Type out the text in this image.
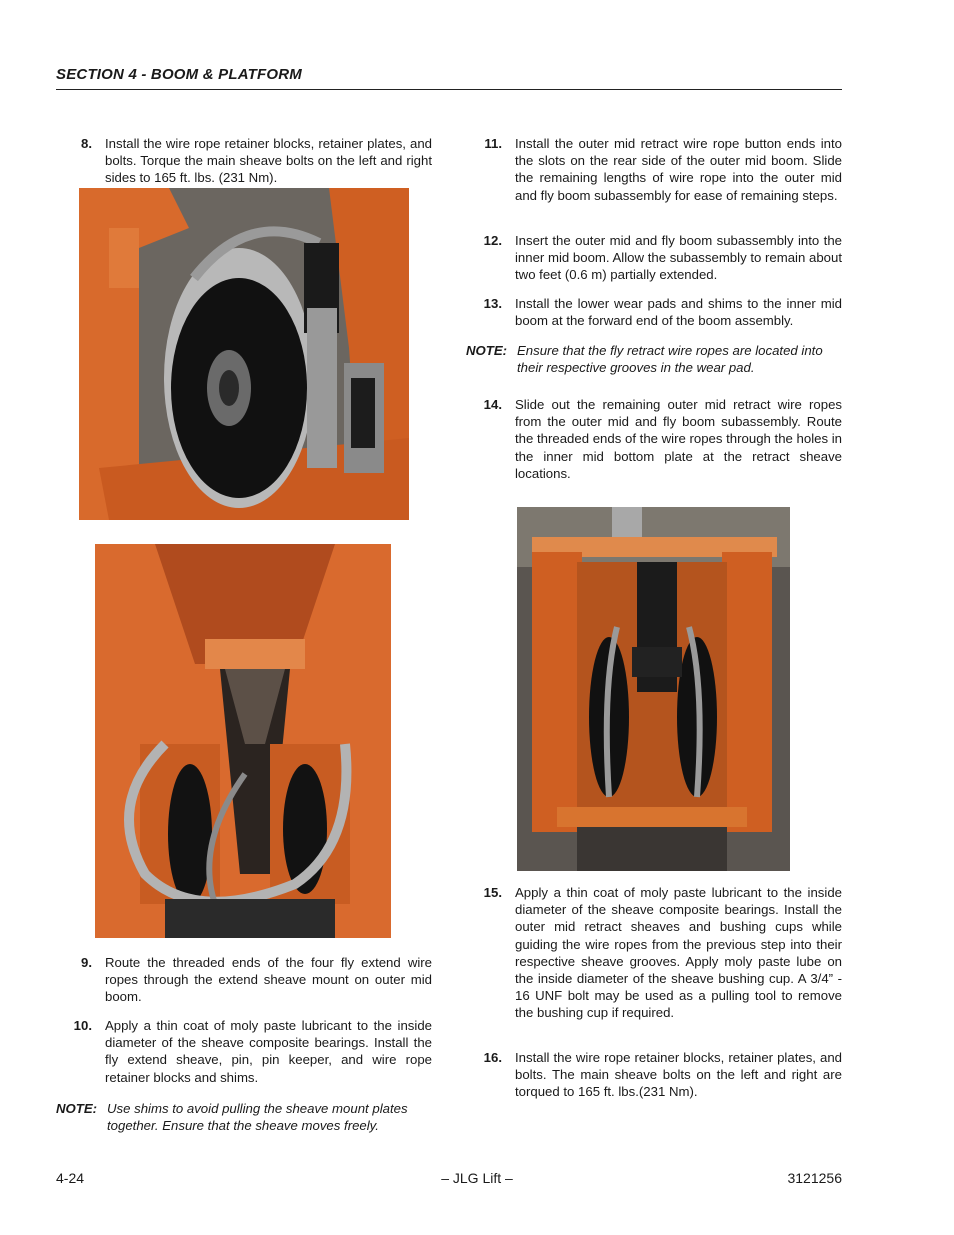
SECTION 4 - BOOM & PLATFORM
8. Install the wire rope retainer blocks, retainer plates, and bolts. Torque the main sheave bolts on the left and right sides to 165 ft. lbs. (231 Nm).
9. Route the threaded ends of the four fly extend wire ropes through the extend sheave mount on outer mid boom.
10. Apply a thin coat of moly paste lubricant to the inside diameter of the sheave composite bearings. Install the fly extend sheave, pin, pin keeper, and wire rope retainer blocks and shims.
NOTE: Use shims to avoid pulling the sheave mount plates together. Ensure that the sheave moves freely.
11. Install the outer mid retract wire rope button ends into the slots on the rear side of the outer mid boom. Slide the remaining lengths of wire rope into the outer mid and fly boom subassembly for ease of remaining steps.
12. Insert the outer mid and fly boom subassembly into the inner mid boom. Allow the subassembly to remain about two feet (0.6 m) partially extended.
13. Install the lower wear pads and shims to the inner mid boom at the forward end of the boom assembly.
NOTE: Ensure that the fly retract wire ropes are located into their respective grooves in the wear pad.
14. Slide out the remaining outer mid retract wire ropes from the outer mid and fly boom subassembly. Route the threaded ends of the wire ropes through the holes in the inner mid bottom plate at the retract sheave locations.
15. Apply a thin coat of moly paste lubricant to the inside diameter of the sheave composite bearings. Install the outer mid retract sheaves and bushing cups while guiding the wire ropes from the previous step into their respective sheave grooves. Apply moly paste lube on the inside diameter of the sheave bushing cup. A 3/4” - 16 UNF bolt may be used as a pulling tool to remove the bushing cup if required.
16. Install the wire rope retainer blocks, retainer plates, and bolts. The main sheave bolts on the left and right are torqued to 165 ft. lbs.(231 Nm).
4-24	– JLG Lift –	3121256
